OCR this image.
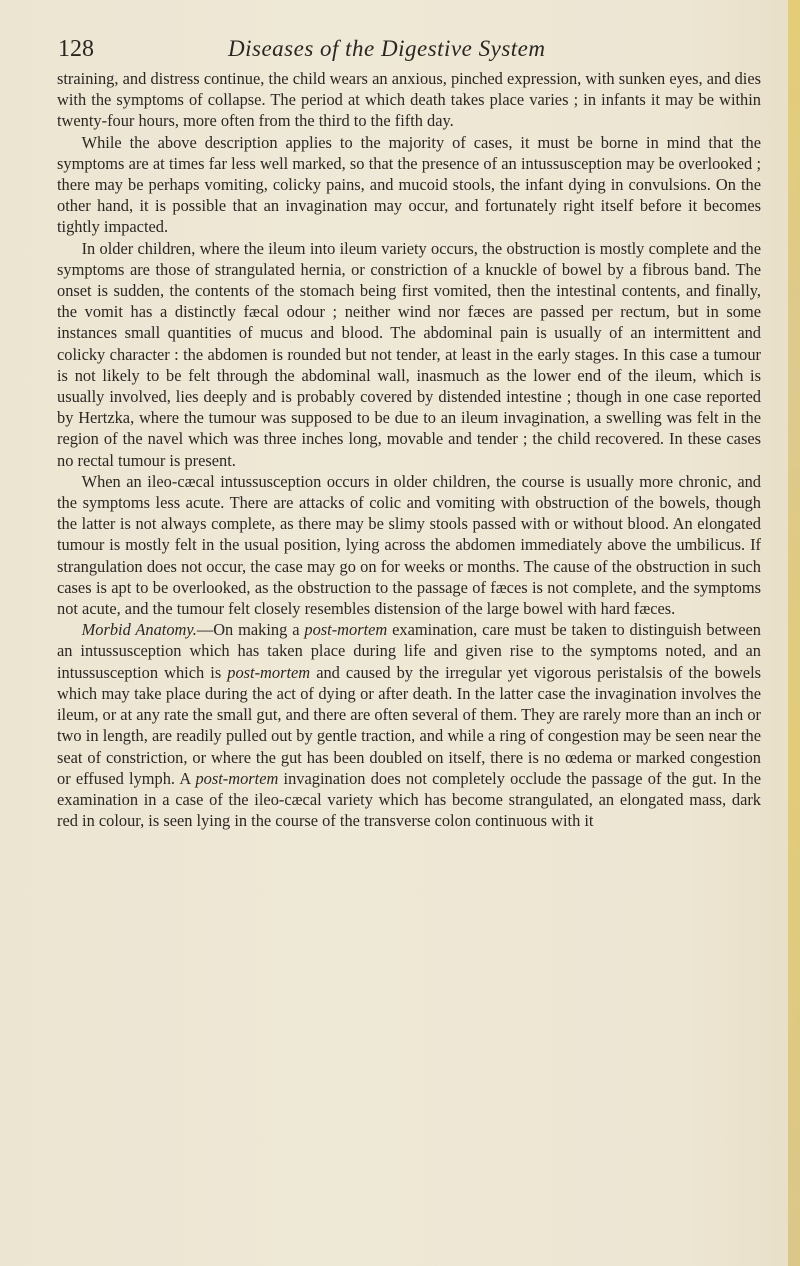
128	Diseases of the Digestive System

straining, and distress continue, the child wears an anxious, pinched expression, with sunken eyes, and dies with the symptoms of collapse. The period at which death takes place varies ; in infants it may be within twenty-four hours, more often from the third to the fifth day.

While the above description applies to the majority of cases, it must be borne in mind that the symptoms are at times far less well marked, so that the presence of an intussusception may be overlooked ; there may be perhaps vomiting, colicky pains, and mucoid stools, the infant dying in convulsions. On the other hand, it is possible that an invagination may occur, and fortunately right itself before it becomes tightly impacted.

In older children, where the ileum into ileum variety occurs, the obstruction is mostly complete and the symptoms are those of strangulated hernia, or constriction of a knuckle of bowel by a fibrous band. The onset is sudden, the contents of the stomach being first vomited, then the intestinal contents, and finally, the vomit has a distinctly fæcal odour ; neither wind nor fæces are passed per rectum, but in some instances small quantities of mucus and blood. The abdominal pain is usually of an intermittent and colicky character : the abdomen is rounded but not tender, at least in the early stages. In this case a tumour is not likely to be felt through the abdominal wall, inasmuch as the lower end of the ileum, which is usually involved, lies deeply and is probably covered by distended intestine ; though in one case reported by Hertzka, where the tumour was supposed to be due to an ileum invagination, a swelling was felt in the region of the navel which was three inches long, movable and tender ; the child recovered. In these cases no rectal tumour is present.

When an ileo-cæcal intussusception occurs in older children, the course is usually more chronic, and the symptoms less acute. There are attacks of colic and vomiting with obstruction of the bowels, though the latter is not always complete, as there may be slimy stools passed with or without blood. An elongated tumour is mostly felt in the usual position, lying across the abdomen immediately above the umbilicus. If strangulation does not occur, the case may go on for weeks or months. The cause of the obstruction in such cases is apt to be overlooked, as the obstruction to the passage of fæces is not complete, and the symptoms not acute, and the tumour felt closely resembles distension of the large bowel with hard fæces.

Morbid Anatomy.—On making a post-mortem examination, care must be taken to distinguish between an intussusception which has taken place during life and given rise to the symptoms noted, and an intussusception which is post-mortem and caused by the irregular yet vigorous peristalsis of the bowels which may take place during the act of dying or after death. In the latter case the invagination involves the ileum, or at any rate the small gut, and there are often several of them. They are rarely more than an inch or two in length, are readily pulled out by gentle traction, and while a ring of congestion may be seen near the seat of constriction, or where the gut has been doubled on itself, there is no œdema or marked congestion or effused lymph. A post-mortem invagination does not completely occlude the passage of the gut. In the examination in a case of the ileo-cæcal variety which has become strangulated, an elongated mass, dark red in colour, is seen lying in the course of the transverse colon continuous with it
